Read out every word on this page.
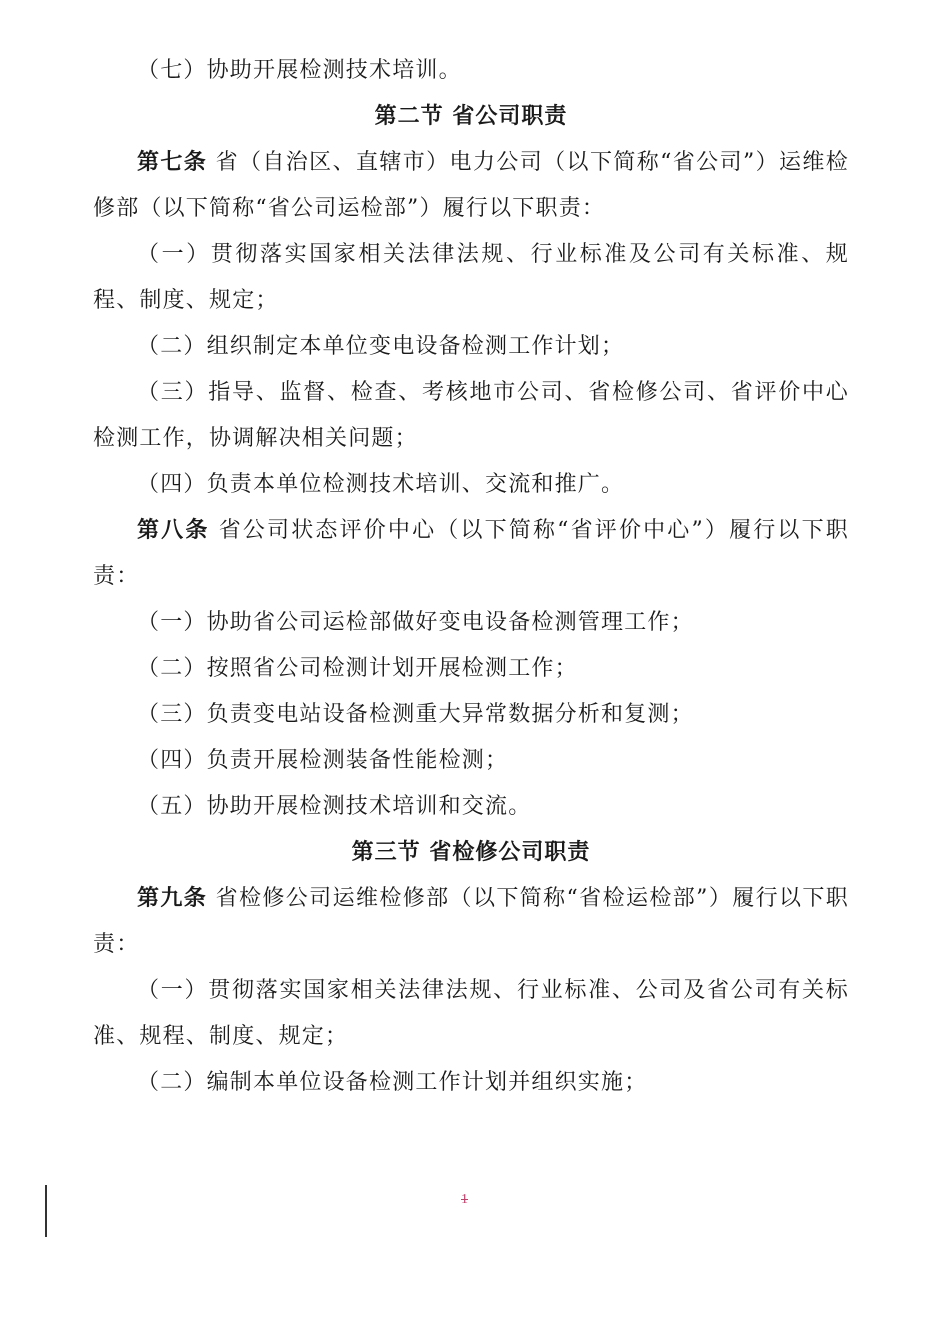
（七）协助开展检测技术培训。

第二节 省公司职责

第七条 省（自治区、直辖市）电力公司（以下简称“省公司”）运维检修部（以下简称“省公司运检部”）履行以下职责：

（一）贯彻落实国家相关法律法规、行业标准及公司有关标准、规程、制度、规定；

（二）组织制定本单位变电设备检测工作计划；

（三）指导、监督、检查、考核地市公司、省检修公司、省评价中心检测工作，协调解决相关问题；

（四）负责本单位检测技术培训、交流和推广。

第八条 省公司状态评价中心（以下简称“省评价中心”）履行以下职责：

（一）协助省公司运检部做好变电设备检测管理工作；

（二）按照省公司检测计划开展检测工作；

（三）负责变电站设备检测重大异常数据分析和复测；

（四）负责开展检测装备性能检测；

（五）协助开展检测技术培训和交流。

第三节 省检修公司职责

第九条 省检修公司运维检修部（以下简称“省检运检部”）履行以下职责：

（一）贯彻落实国家相关法律法规、行业标准、公司及省公司有关标准、规程、制度、规定；

（二）编制本单位设备检测工作计划并组织实施；

1
